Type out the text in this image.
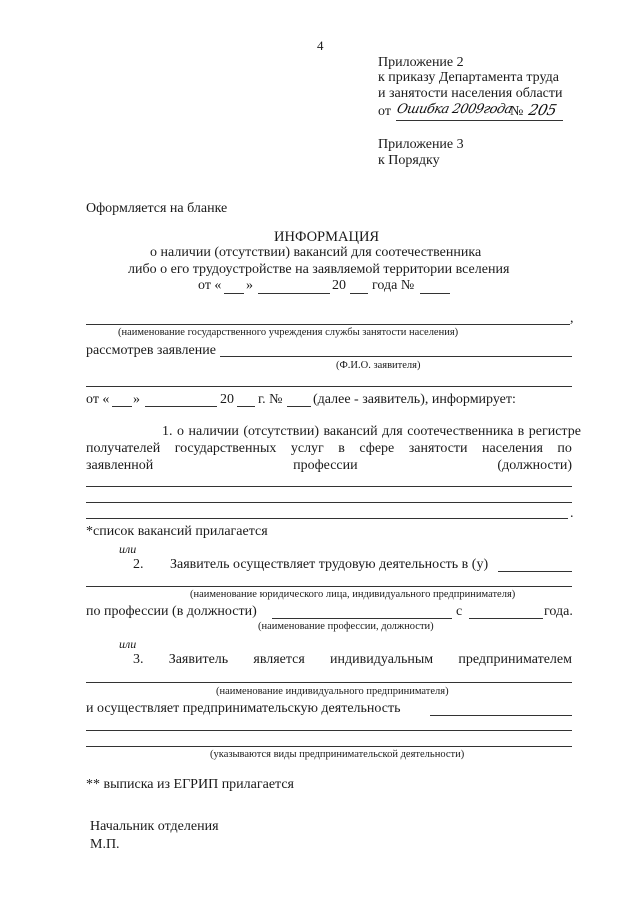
4
Приложение 2
к приказу Департамента труда
и занятости населения области
от Ошибка 2009года
№ 205
Приложение 3
к Порядку
Оформляется на бланке
ИНФОРМАЦИЯ
о наличии (отсутствии) вакансий для соотечественника
либо о его трудоустройстве на заявляемой территории вселения
от « »	20 года №
,
(наименование государственного учреждения службы занятости населения)
рассмотрев заявление
(Ф.И.О. заявителя)
от « »	20 г. № (далее - заявитель), информирует:
1. о наличии (отсутствии) вакансий для соотечественника в регистре
получателей государственных услуг в сфере занятости населения по
заявленной	профессии	(должности)
.
*список вакансий прилагается
или
2. Заявитель осуществляет трудовую деятельность в (у)
(наименование юридического лица, индивидуального предпринимателя)
по профессии (в должности)	с	года.
(наименование профессии, должности)
или
3. Заявитель является индивидуальным предпринимателем
(наименование индивидуального предпринимателя)
и осуществляет предпринимательскую деятельность
(указываются виды предпринимательской деятельности)
** выписка из ЕГРИП прилагается
Начальник отделения
М.П.
